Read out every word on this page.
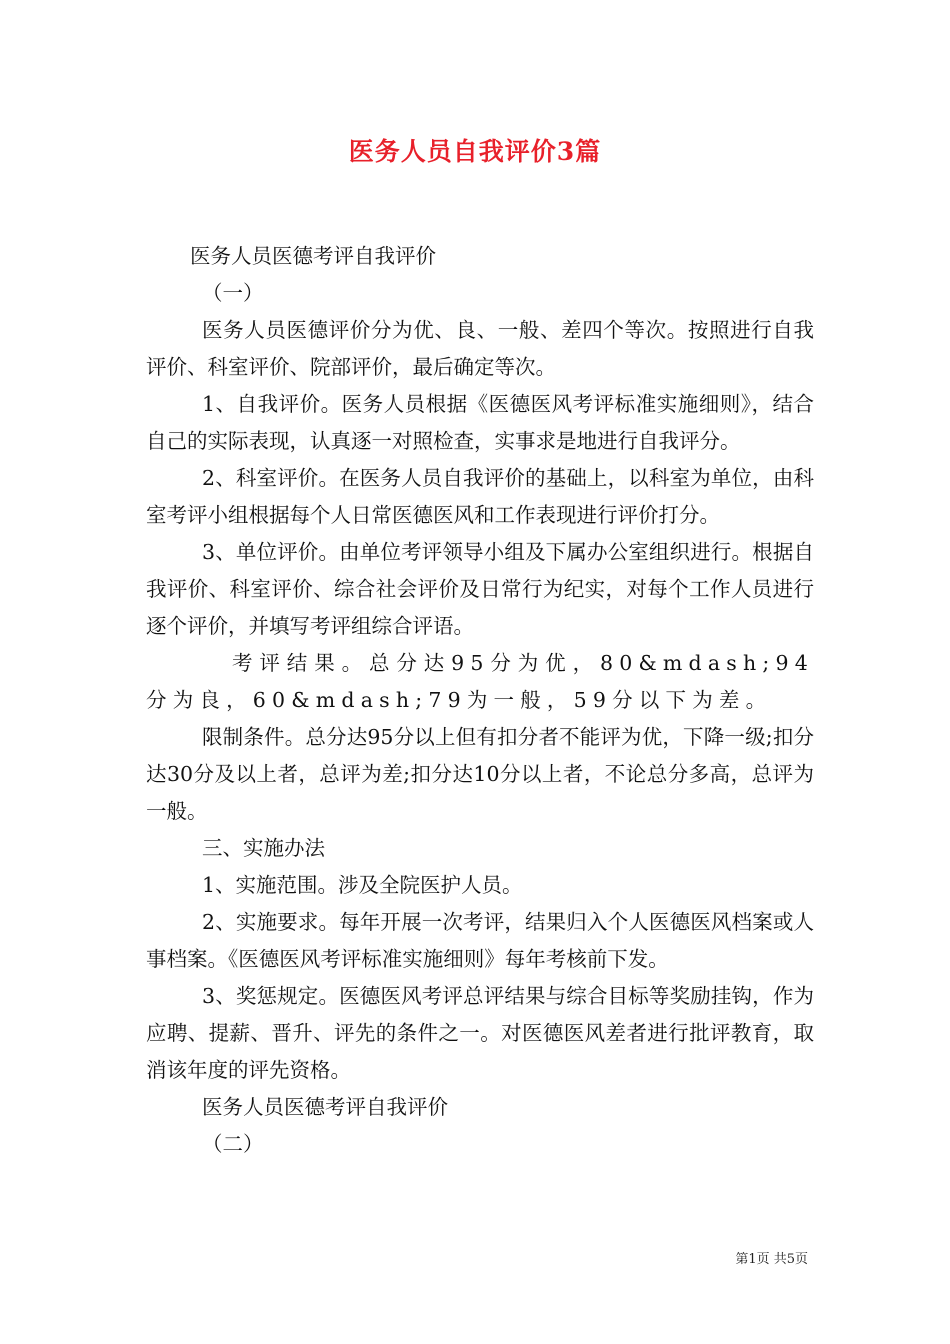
医务人员自我评价3篇

医务人员医德考评自我评价

（一）

医务人员医德评价分为优、良、一般、差四个等次。按照进行自我评价、科室评价、院部评价，最后确定等次。

1、自我评价。医务人员根据《医德医风考评标准实施细则》，结合自己的实际表现，认真逐一对照检查，实事求是地进行自我评分。

2、科室评价。在医务人员自我评价的基础上，以科室为单位，由科室考评小组根据每个人日常医德医风和工作表现进行评价打分。

3、单位评价。由单位考评领导小组及下属办公室组织进行。根据自我评价、科室评价、综合社会评价及日常行为纪实，对每个工作人员进行逐个评价，并填写考评组综合评语。

考评结果。总分达95分为优，80&mdash;94分为良，60&mdash;79为一般，59分以下为差。

限制条件。总分达95分以上但有扣分者不能评为优，下降一级;扣分达30分及以上者，总评为差;扣分达10分以上者，不论总分多高，总评为一般。

三、实施办法

1、实施范围。涉及全院医护人员。

2、实施要求。每年开展一次考评，结果归入个人医德医风档案或人事档案。《医德医风考评标准实施细则》每年考核前下发。

3、奖惩规定。医德医风考评总评结果与综合目标等奖励挂钩，作为应聘、提薪、晋升、评先的条件之一。对医德医风差者进行批评教育，取消该年度的评先资格。

医务人员医德考评自我评价

（二）

第1页 共5页
